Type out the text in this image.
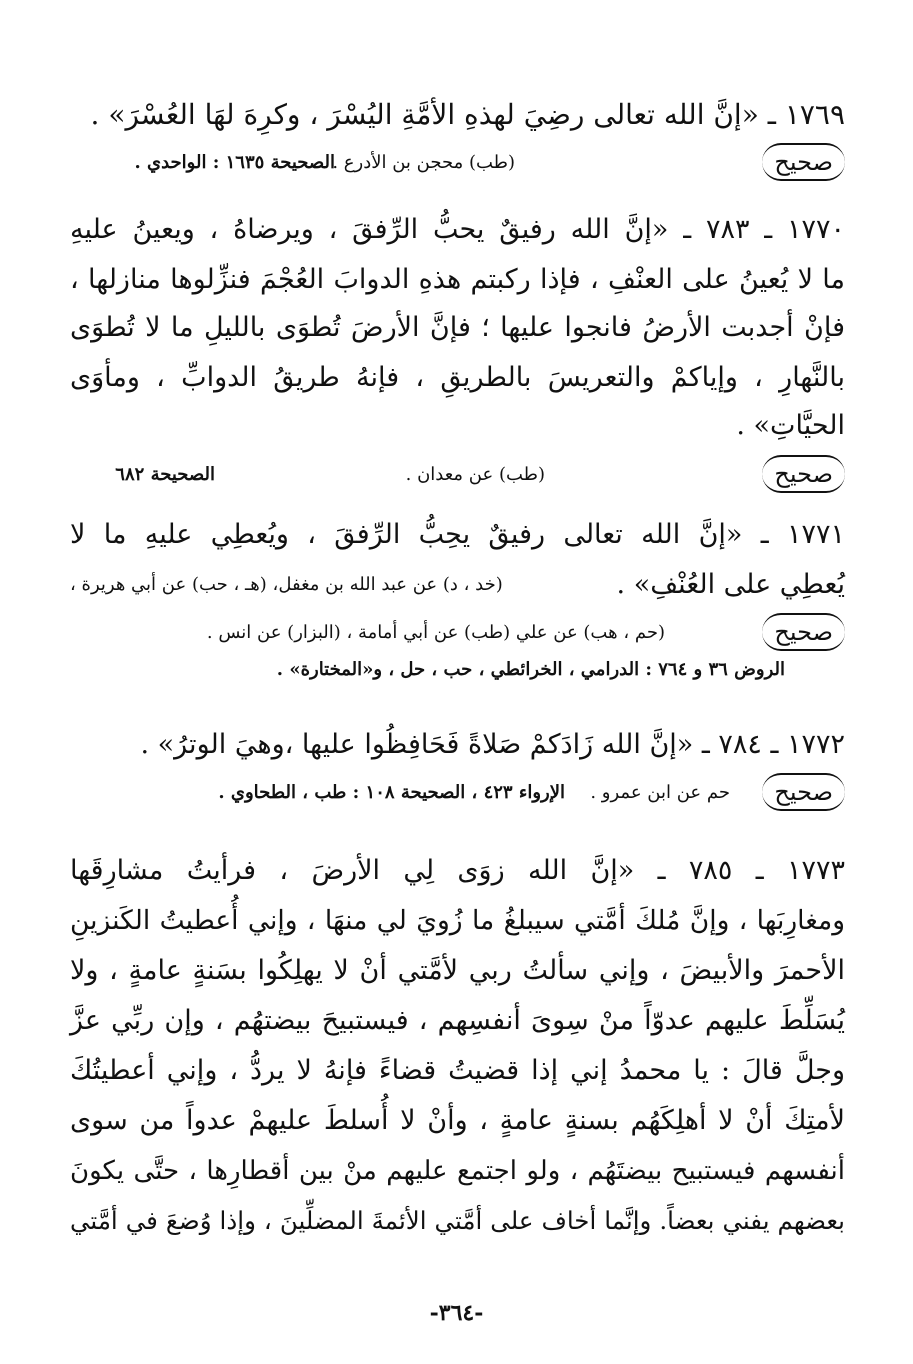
١٧٦٩ ـ «إنَّ الله تعالى رضِيَ لهذهِ الأمَّةِ اليُسْرَ ، وكرِهَ لهَا العُسْرَ» .
صحيح
(طب) محجن بن الأدرع .
الصحيحة ١٦٣٥ : الواحدي .
١٧٧٠ ـ ٧٨٣ ـ «إنَّ الله رفيقٌ يحبُّ الرِّفقَ ، ويرضاهُ ، ويعينُ عليهِ
ما لا يُعينُ على العنْفِ ، فإذا ركبتم هذهِ الدوابَ العُجْمَ فنزِّلوها منازلها ،
فإنْ أجدبت الأرضُ فانجوا عليها ؛ فإنَّ الأرضَ تُطوَى بالليلِ ما لا تُطوَى
بالنَّهارِ ، وإياكمْ والتعريسَ بالطريقِ ، فإنهُ طريقُ الدوابِّ ، ومأوَى
الحيَّاتِ» .
صحيح
(طب) عن معدان .
الصحيحة ٦٨٢
١٧٧١ ـ «إنَّ الله تعالى رفيقٌ يحِبُّ الرِّفقَ ، ويُعطِي عليهِ ما لا
يُعطِي على العُنْفِ» .
(خد ، د) عن عبد الله بن مغفل، (هـ ، حب) عن أبي هريرة ،
صحيح
(حم ، هب) عن علي (طب) عن أبي أمامة ، (البزار) عن انس .
الروض ٣٦ و ٧٦٤ : الدرامي ، الخرائطي ، حب ، حل ، و«المختارة» .
١٧٧٢ ـ ٧٨٤ ـ «إنَّ الله زَادَكمْ صَلاةً فَحَافِظُوا عليها ،وهيَ الوترُ» .
صحيح
حم عن ابن عمرو .
الإرواء ٤٢٣ ، الصحيحة ١٠٨ : طب ، الطحاوي .
١٧٧٣ ـ ٧٨٥ ـ «إنَّ الله زوَى لِي الأرضَ ، فرأيتُ مشارِقَها
ومغارِبَها ، وإنَّ مُلكَ أمَّتي سيبلغُ ما زُويَ لي منهَا ، وإني أُعطيتُ الكَنزينِ
الأحمرَ والأبيضَ ، وإني سألتُ ربي لأمَّتي أنْ لا يهلِكُوا بسَنةٍ عامةٍ ، ولا
يُسَلِّطَ عليهم عدوّاً منْ سِوىَ أنفسِهم ، فيستبيحَ بيضتهُم ، وإن ربِّي عزَّ
وجلَّ قالَ : يا محمدُ إني إذا قضيتُ قضاءً فإنهُ لا يردُّ ، وإني أعطيتُكَ
لأمتِكَ أنْ لا أهلِكَهُم بسنةٍ عامةٍ ، وأنْ لا أُسلطَ عليهمْ عدواً من سوى
أنفسهم فيستبيح بيضتَهُم ، ولو اجتمع عليهم منْ بين أقطارِها ، حتَّى يكونَ
بعضهم يفني بعضاً. وإنَّما أخاف على أمَّتي الأئمةَ المضلِّينَ ، وإذا وُضعَ في أمَّتي
-٣٦٤-
